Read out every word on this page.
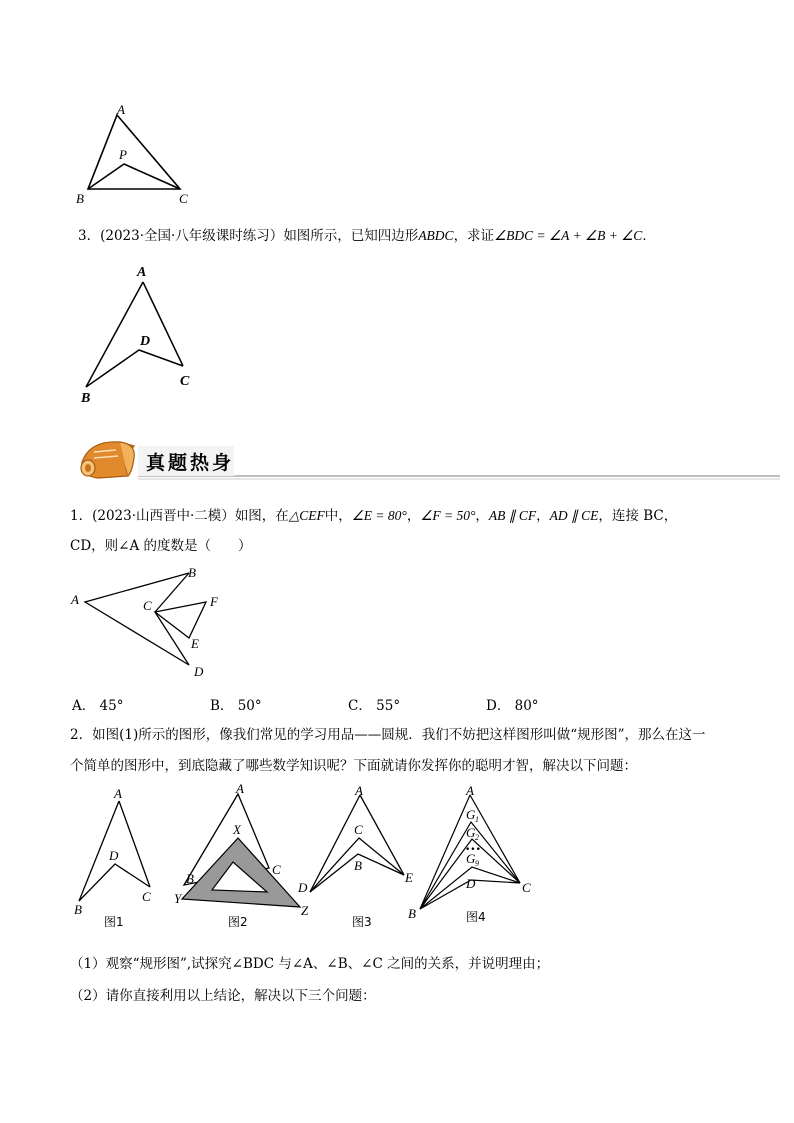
A
P
B	C
3．(2023·全国·八年级课时练习）如图所示，已知四边形ABDC，求证∠BDC = ∠A + ∠B + ∠C．
A
D
B
C
真题热身
1．(2023·山西晋中·二模）如图，在△CEF中，∠E = 80°，∠F = 50°，AB ∥ CF，AD ∥ CE，连接 BC，
CD，则∠A 的度数是（　　）
A
B
C	F
E
D
A． 45°	B． 50°	C． 55°	D． 80°
2．如图(1)所示的图形，像我们常见的学习用品——圆规．我们不妨把这样图形叫做“规形图”，那么在这一
个简单的图形中，到底隐藏了哪些数学知识呢？下面就请你发挥你的聪明才智，解决以下问题：
A
D
B
C
图1
A
X
B
C
Y
Z
图2
A
C
B
D
E
图3
A
G 1
G 2
•••
G 9
D
B
C
图4
（1）观察“规形图”,试探究∠BDC 与∠A、∠B、∠C 之间的关系，并说明理由；
（2）请你直接利用以上结论，解决以下三个问题：
